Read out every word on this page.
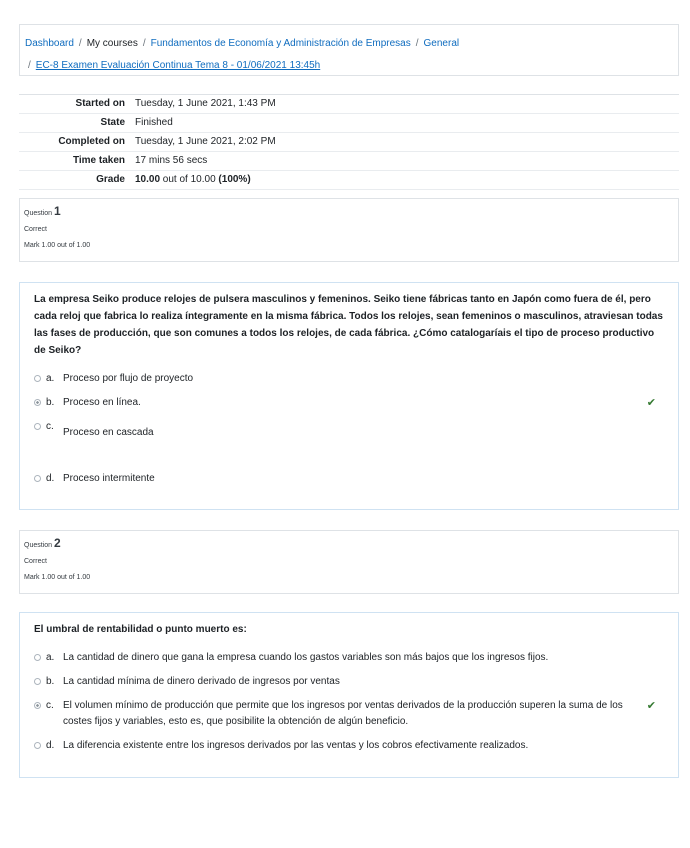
Dashboard / My courses / Fundamentos de Economía y Administración de Empresas / General
/ EC-8 Examen Evaluación Continua Tema 8 - 01/06/2021 13:45h
Started on	Tuesday, 1 June 2021, 1:43 PM
State	Finished
Completed on	Tuesday, 1 June 2021, 2:02 PM
Time taken	17 mins 56 secs
Grade	10.00 out of 10.00 (100%)
Question 1
Correct
Mark 1.00 out of 1.00
La empresa Seiko produce relojes de pulsera masculinos y femeninos. Seiko tiene fábricas tanto en Japón como fuera de él, pero cada reloj que fabrica lo realiza íntegramente en la misma fábrica. Todos los relojes, sean femeninos o masculinos, atraviesan todas las fases de producción, que son comunes a todos los relojes, de cada fábrica. ¿Cómo catalogaríais el tipo de proceso productivo de Seiko?
a. Proceso por flujo de proyecto
b. Proceso en línea.	✔
c.
Proceso en cascada
d. Proceso intermitente
Question 2
Correct
Mark 1.00 out of 1.00
El umbral de rentabilidad o punto muerto es:
a. La cantidad de dinero que gana la empresa cuando los gastos variables son más bajos que los ingresos fijos.
b. La cantidad mínima de dinero derivado de ingresos por ventas
c. El volumen mínimo de producción que permite que los ingresos por ventas derivados de la producción superen la suma de los costes fijos y variables, esto es, que posibilite la obtención de algún beneficio.
✔
d. La diferencia existente entre los ingresos derivados por las ventas y los cobros efectivamente realizados.
